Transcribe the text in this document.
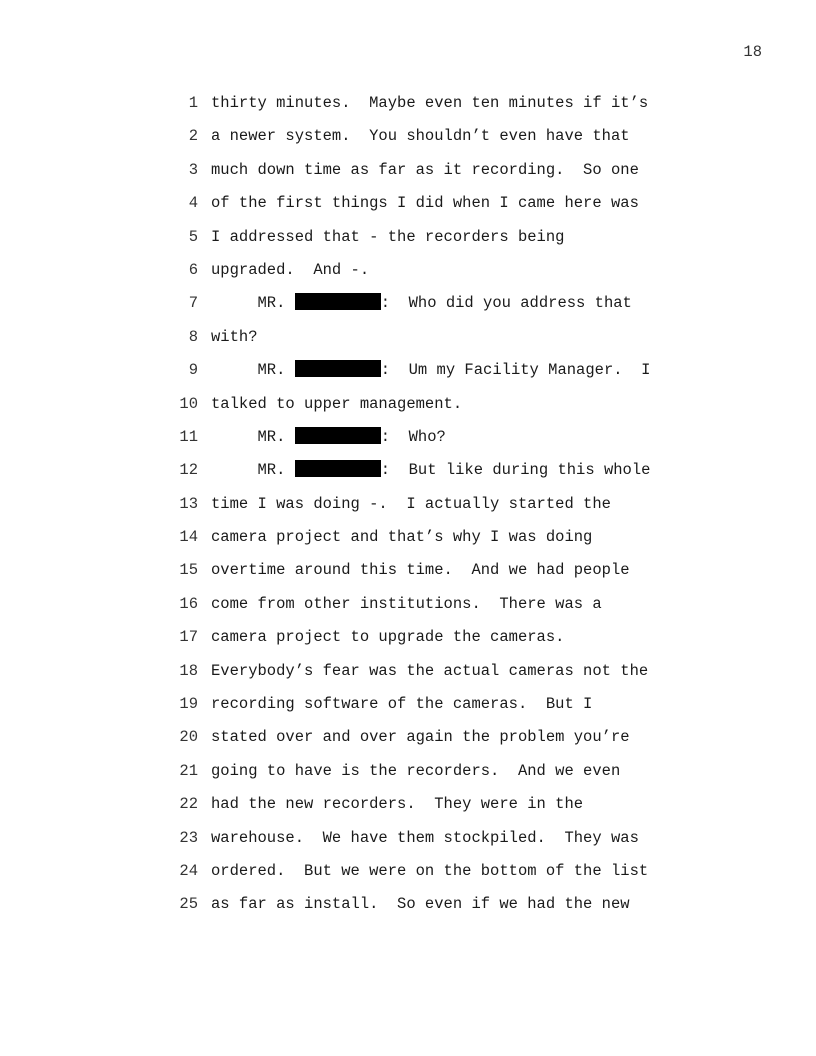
18
1 thirty minutes.  Maybe even ten minutes if it’s
2 a newer system.  You shouldn’t even have that
3 much down time as far as it recording.  So one
4 of the first things I did when I came here was
5 I addressed that - the recorders being
6 upgraded.  And -.
7 MR.	:  Who did you address that
8 with?
9 MR.	:  Um my Facility Manager.  I
10 talked to upper management.
11 MR.	:  Who?
12 MR.	:  But like during this whole
13 time I was doing -.  I actually started the
14 camera project and that’s why I was doing
15 overtime around this time.  And we had people
16 come from other institutions.  There was a
17 camera project to upgrade the cameras.
18 Everybody’s fear was the actual cameras not the
19 recording software of the cameras.  But I
20 stated over and over again the problem you’re
21 going to have is the recorders.  And we even
22 had the new recorders.  They were in the
23 warehouse.  We have them stockpiled.  They was
24 ordered.  But we were on the bottom of the list
25 as far as install.  So even if we had the new
